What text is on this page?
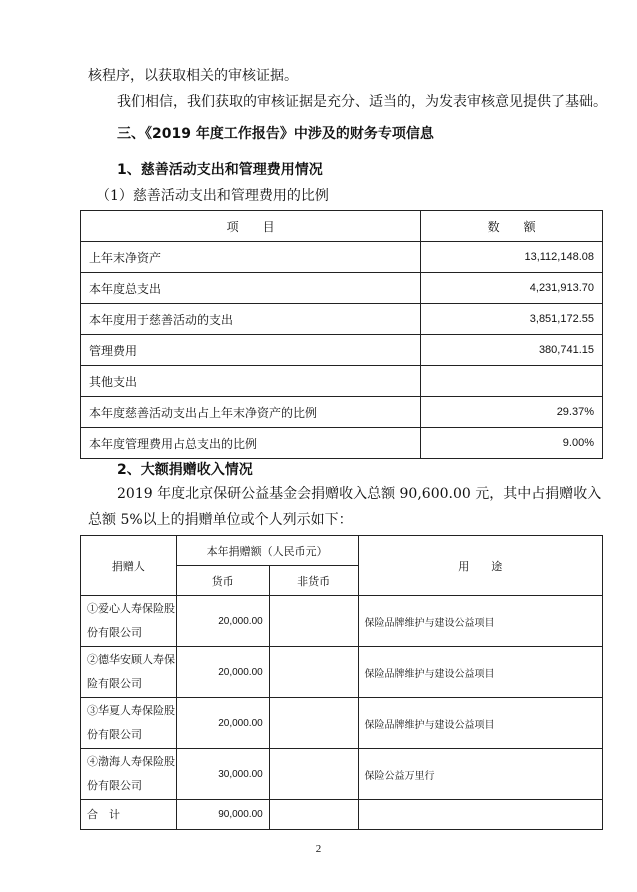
核程序，以获取相关的审核证据。
我们相信，我们获取的审核证据是充分、适当的，为发表审核意见提供了基础。
三、《2019 年度工作报告》中涉及的财务专项信息
1、慈善活动支出和管理费用情况
（1）慈善活动支出和管理费用的比例
项　　目	数　　额
上年末净资产	13,112,148.08
本年度总支出	4,231,913.70
本年度用于慈善活动的支出	3,851,172.55
管理费用	380,741.15
其他支出	
本年度慈善活动支出占上年末净资产的比例	29.37%
本年度管理费用占总支出的比例	9.00%
2、大额捐赠收入情况
2019 年度北京保研公益基金会捐赠收入总额 90,600.00 元，其中占捐赠收入
总额 5%以上的捐赠单位或个人列示如下：
捐赠人	本年捐赠额（人民币元）		用　　途
	货币	非货币	

①爱心人寿保险股
份有限公司	20,000.00		保险品牌维护与建设公益项目

②德华安顾人寿保
险有限公司	20,000.00		保险品牌维护与建设公益项目

③华夏人寿保险股
份有限公司	20,000.00		保险品牌维护与建设公益项目

④渤海人寿保险股
份有限公司	30,000.00		保险公益万里行
合　计	90,000.00		
2
